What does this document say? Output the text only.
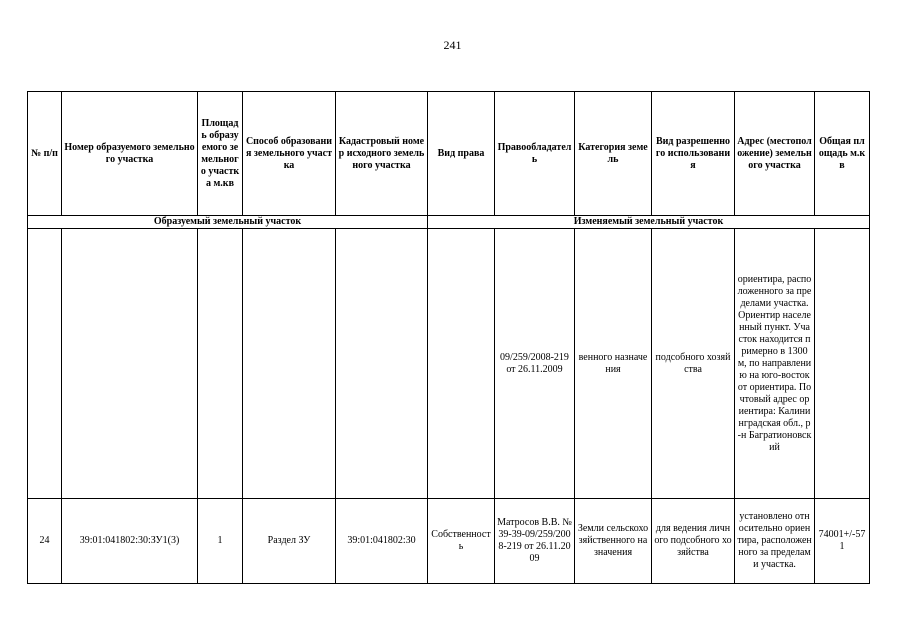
241
№ п/п	Номер образуемого земельного участка	Площадь образуемого земельного участка м.кв	Способ образования земельного участка	Кадастровый номер исходного земельного участка	Вид права	Правообладатель	Категория земель	Вид разрешенного использования	Адрес (местоположение) земельного участка	Общая площадь м.кв
Образуемый земельный участок					Изменяемый земельный участок					
						09/259/2008-219 от 26.11.2009	венного назначения	подсобного хозяйства	ориентира, расположенного за пределами участка. Ориентир населенный пункт. Участок находится примерно в 1300 м, по направлению на юго-восток от ориентира. Почтовый адрес ориентира: Калининградская обл., р-н Багратионовский	
24	39:01:041802:30:ЗУ1(3)	1	Раздел ЗУ	39:01:041802:30	Собственность	Матросов В.В. № 39-39-09/259/2008-219 от 26.11.2009	Земли сельскохозяйственного назначения	для ведения личного подсобного хозяйства	установлено относительно ориентира, расположенного за пределами участка.	74001+/-571
